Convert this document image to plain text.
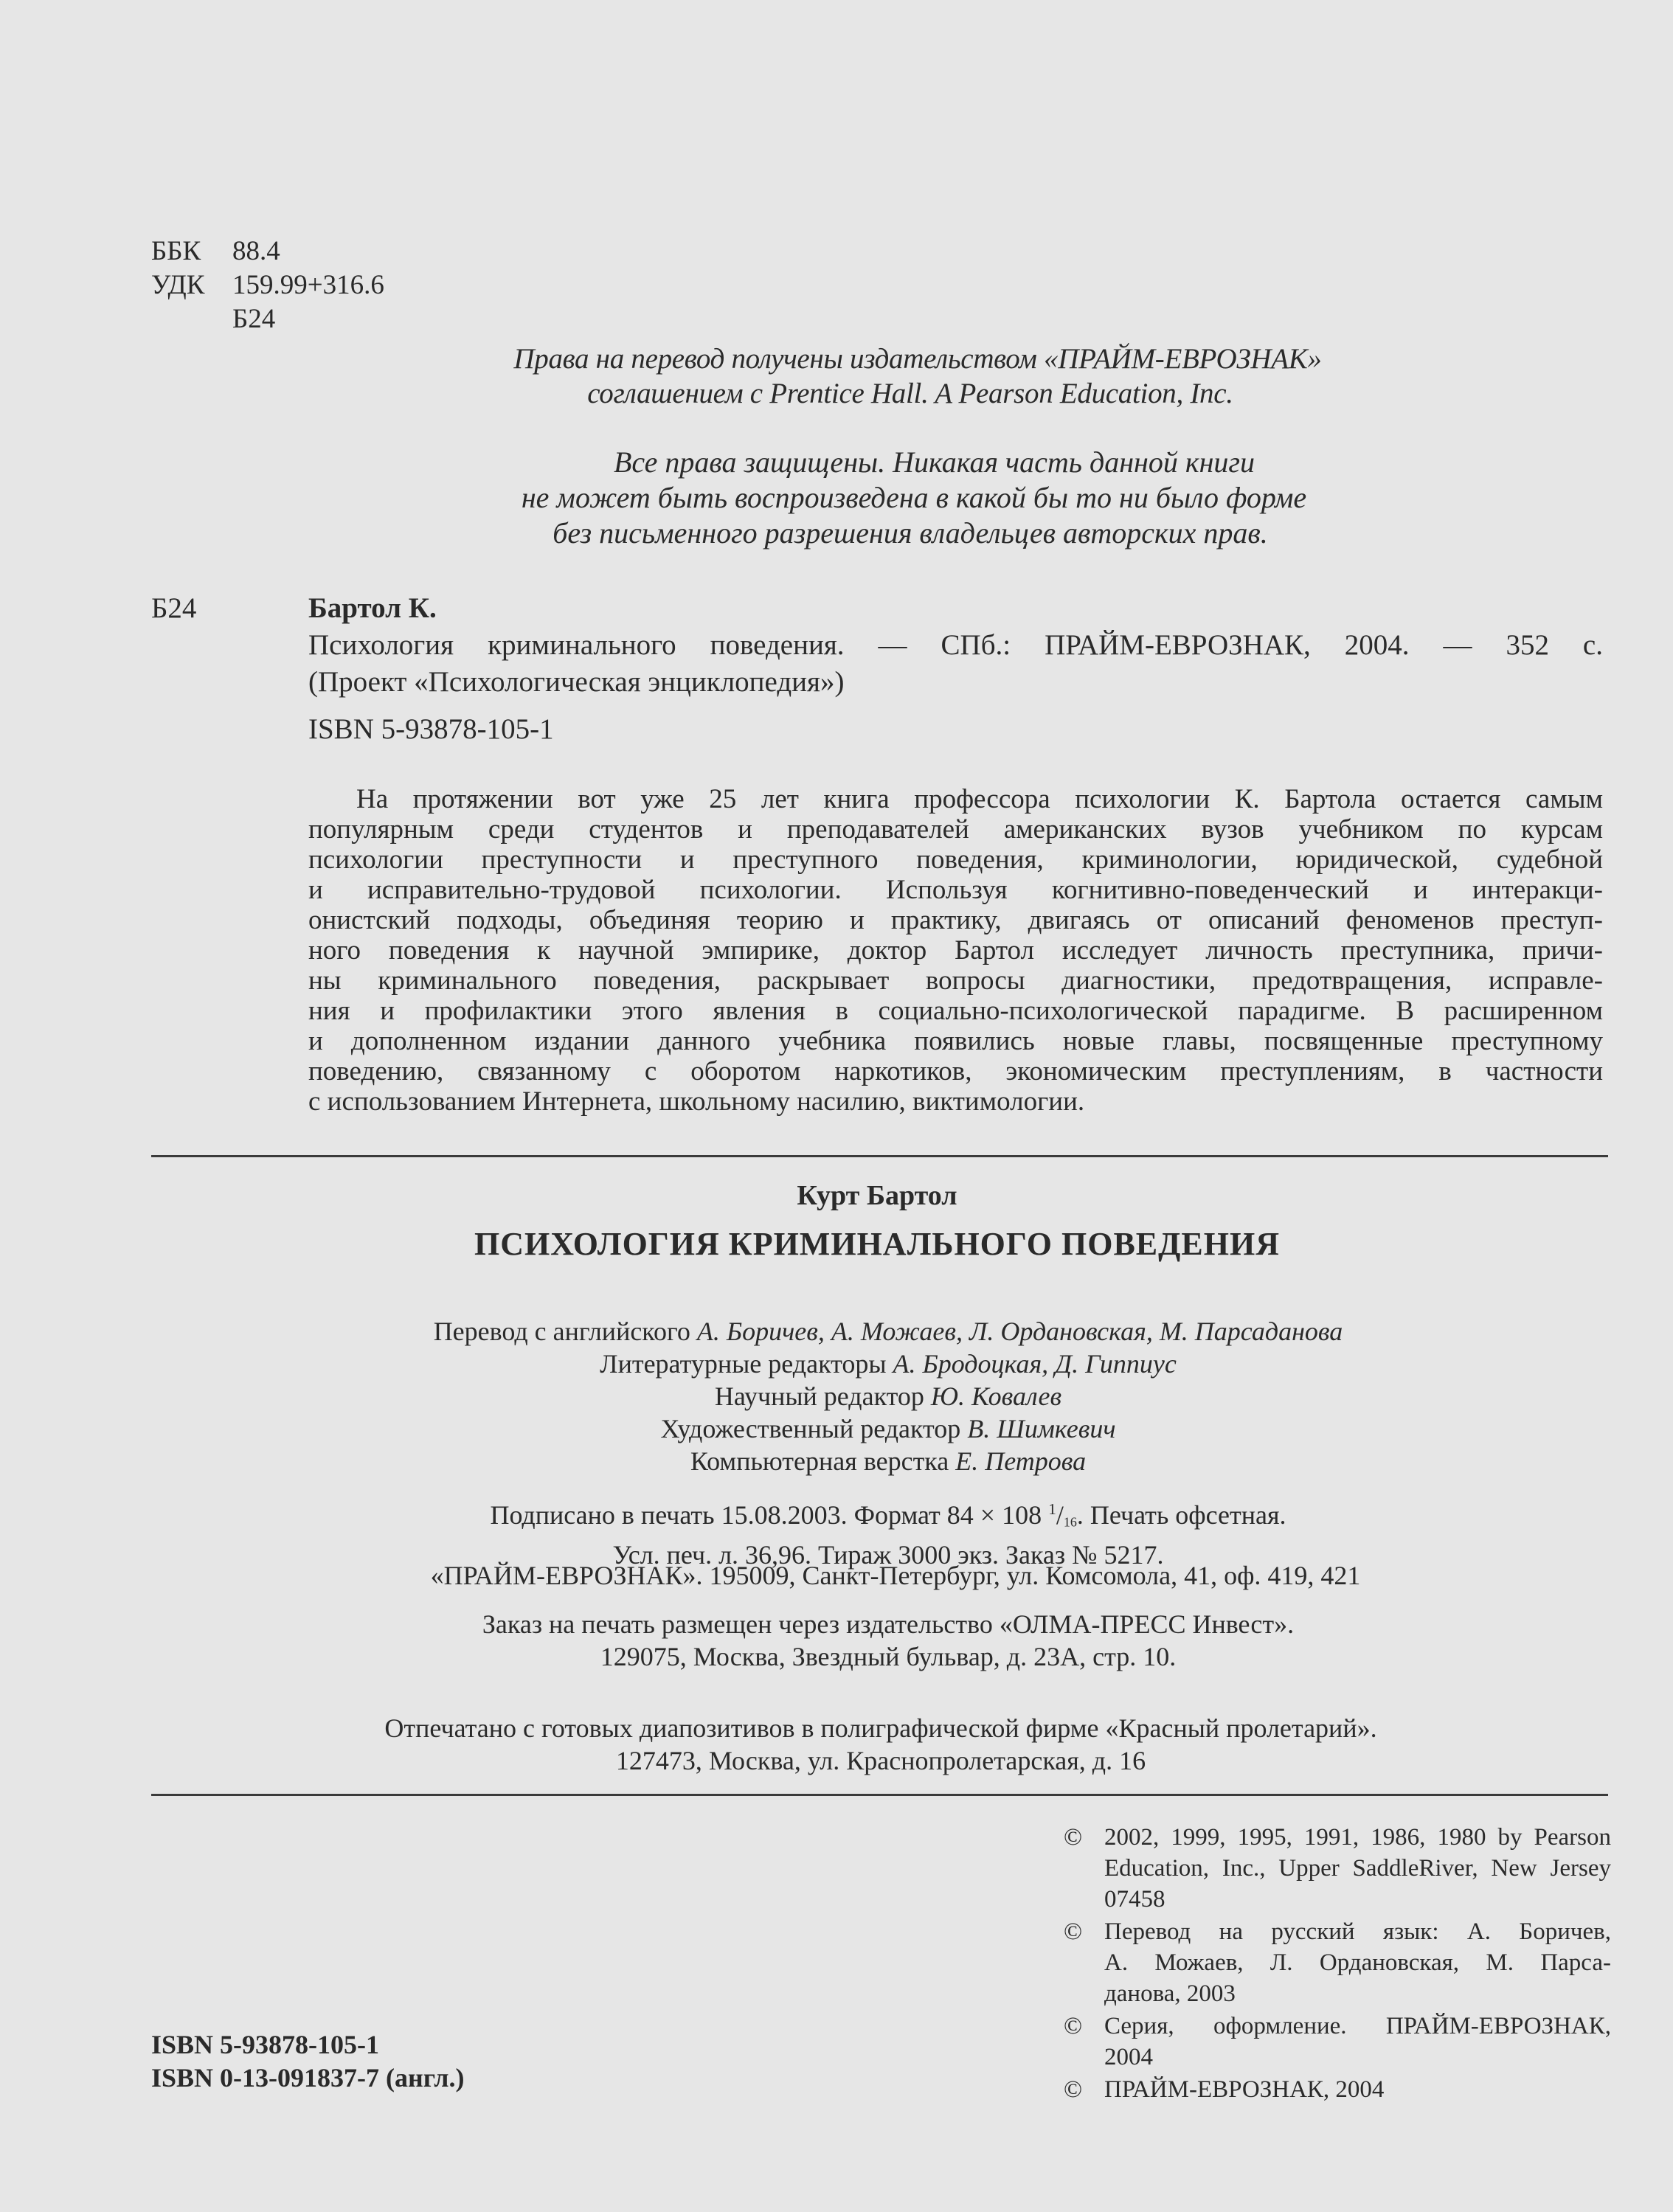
ББК 88.4
УДК 159.99+316.6
Б24
Права на перевод получены издательством «ПРАЙМ-ЕВРОЗНАК»
соглашением с Prentice Hall. A Pearson Education, Inc.
Все права защищены. Никакая часть данной книги
не может быть воспроизведена в какой бы то ни было форме
без письменного разрешения владельцев авторских прав.
Б24	Бартол К.
Психология криминального поведения. — СПб.: ПРАЙМ-ЕВРОЗНАК, 2004. — 352 с.
(Проект «Психологическая энциклопедия»)
ISBN 5-93878-105-1
На протяжении вот уже 25 лет книга профессора психологии К. Бартола остается самым
популярным среди студентов и преподавателей американских вузов учебником по курсам
психологии преступности и преступного поведения, криминологии, юридической, судебной
и исправительно-трудовой психологии. Используя когнитивно-поведенческий и интеракци-
онистский подходы, объединяя теорию и практику, двигаясь от описаний феноменов преступ-
ного поведения к научной эмпирике, доктор Бартол исследует личность преступника, причи-
ны криминального поведения, раскрывает вопросы диагностики, предотвращения, исправле-
ния и профилактики этого явления в социально-психологической парадигме. В расширенном
и дополненном издании данного учебника появились новые главы, посвященные преступному
поведению, связанному с оборотом наркотиков, экономическим преступлениям, в частности
с использованием Интернета, школьному насилию, виктимологии.
Курт Бартол
ПСИХОЛОГИЯ КРИМИНАЛЬНОГО ПОВЕДЕНИЯ
Перевод с английского А. Боричев, А. Можаев, Л. Ордановская, М. Парсаданова
Литературные редакторы А. Бродоцкая, Д. Гиппиус
Научный редактор Ю. Ковалев
Художественный редактор В. Шимкевич
Компьютерная верстка Е. Петрова
Подписано в печать 15.08.2003. Формат 84 × 108 $^1/_{16}$. Печать офсетная.
Усл. печ. л. 36,96. Тираж 3000 экз. Заказ № 5217.
«ПРАЙМ-ЕВРОЗНАК». 195009, Санкт-Петербург, ул. Комсомола, 41, оф. 419, 421
Заказ на печать размещен через издательство «ОЛМА-ПРЕСС Инвест».
129075, Москва, Звездный бульвар, д. 23А, стр. 10.
Отпечатано с готовых диапозитивов в полиграфической фирме «Красный пролетарий».
127473, Москва, ул. Краснопролетарская, д. 16
© 2002, 1999, 1995, 1991, 1986, 1980 by Pearson
Education, Inc., Upper SaddleRiver, New Jersey
07458
© Перевод на русский язык: А. Боричев,
А. Можаев, Л. Ордановская, М. Парса-
данова, 2003
© Серия, оформление. ПРАЙМ-ЕВРОЗНАК,
2004
© ПРАЙМ-ЕВРОЗНАК, 2004
ISBN 5-93878-105-1
ISBN 0-13-091837-7 (англ.)
